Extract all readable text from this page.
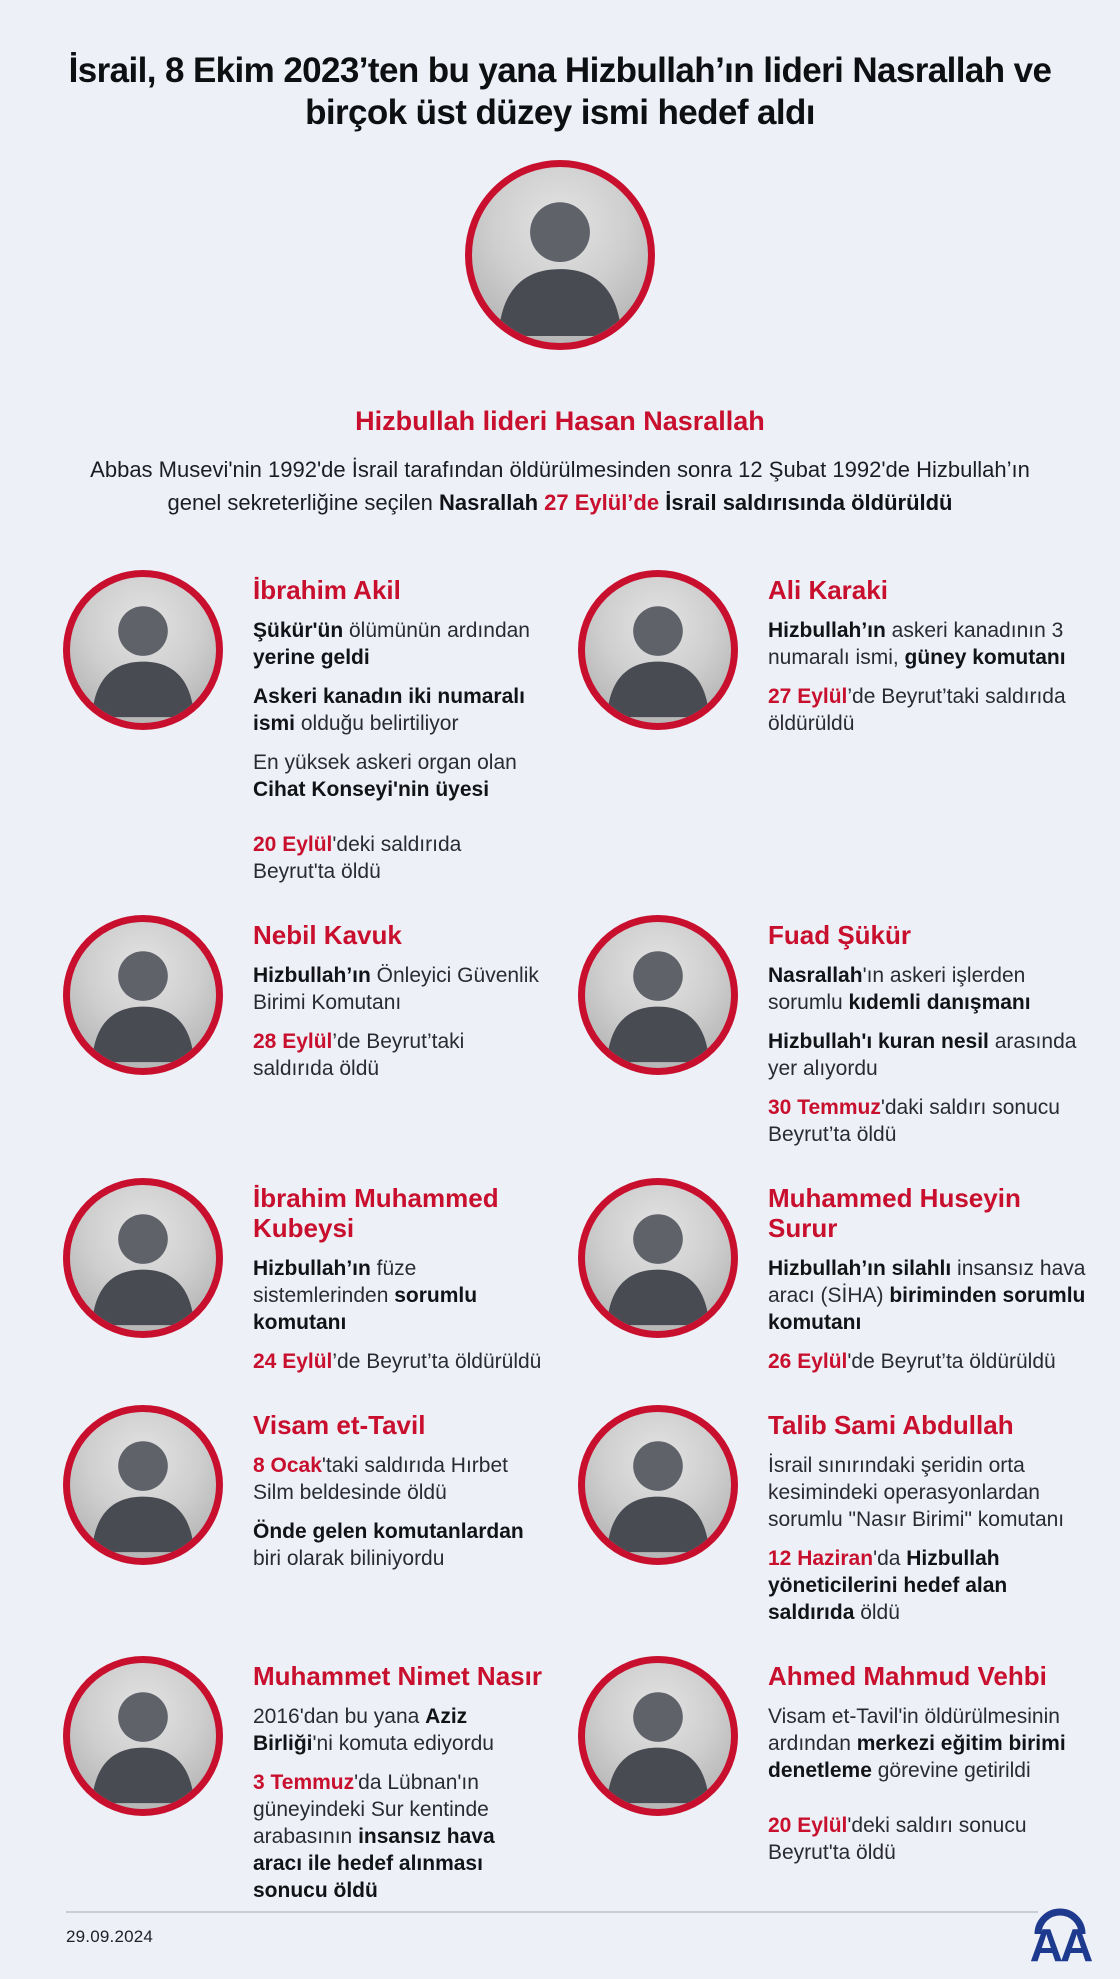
İsrail, 8 Ekim 2023’ten bu yana Hizbullah’ın lideri Nasrallah ve birçok üst düzey ismi hedef aldı
Hizbullah lideri Hasan Nasrallah

Abbas Musevi'nin 1992'de İsrail tarafından öldürülmesinden sonra 12 Şubat 1992'de Hizbullah’ın genel sekreterliğine seçilen Nasrallah 27 Eylül’de İsrail saldırısında öldürüldü

İbrahim Akil

Şükür'ün ölümünün ardından yerine geldi

Askeri kanadın iki numaralı ismi olduğu belirtiliyor

En yüksek askeri organ olan Cihat Konseyi'nin üyesi

20 Eylül'deki saldırıda Beyrut'ta öldü

Ali Karaki

Hizbullah’ın askeri kanadının 3 numaralı ismi, güney komutanı

27 Eylül’de Beyrut’taki saldırıda öldürüldü

Nebil Kavuk

Hizbullah’ın Önleyici Güvenlik Birimi Komutanı

28 Eylül’de Beyrut’taki saldırıda öldü

Fuad Şükür

Nasrallah'ın askeri işlerden sorumlu kıdemli danışmanı

Hizbullah'ı kuran nesil arasında yer alıyordu

30 Temmuz'daki saldırı sonucu Beyrut’ta öldü

İbrahim Muhammed Kubeysi

Hizbullah’ın füze sistemlerinden sorumlu komutanı

24 Eylül’de Beyrut’ta öldürüldü

Muhammed Huseyin Surur

Hizbullah’ın silahlı insansız hava aracı (SİHA) biriminden sorumlu komutanı

26 Eylül'de Beyrut’ta öldürüldü

Visam et-Tavil

8 Ocak'taki saldırıda Hırbet Silm beldesinde öldü

Önde gelen komutanlardan biri olarak biliniyordu

Talib Sami Abdullah

İsrail sınırındaki şeridin orta kesimindeki operasyonlardan sorumlu "Nasır Birimi" komutanı

12 Haziran'da Hizbullah yöneticilerini hedef alan saldırıda öldü

Muhammet Nimet Nasır

2016'dan bu yana Aziz Birliği'ni komuta ediyordu

3 Temmuz'da Lübnan'ın güneyindeki Sur kentinde arabasının insansız hava aracı ile hedef alınması sonucu öldü

Ahmed Mahmud Vehbi

Visam et-Tavil'in öldürülmesinin ardından merkezi eğitim birimi denetleme görevine getirildi

20 Eylül'deki saldırı sonucu Beyrut'ta öldü

29.09.2024	AA
